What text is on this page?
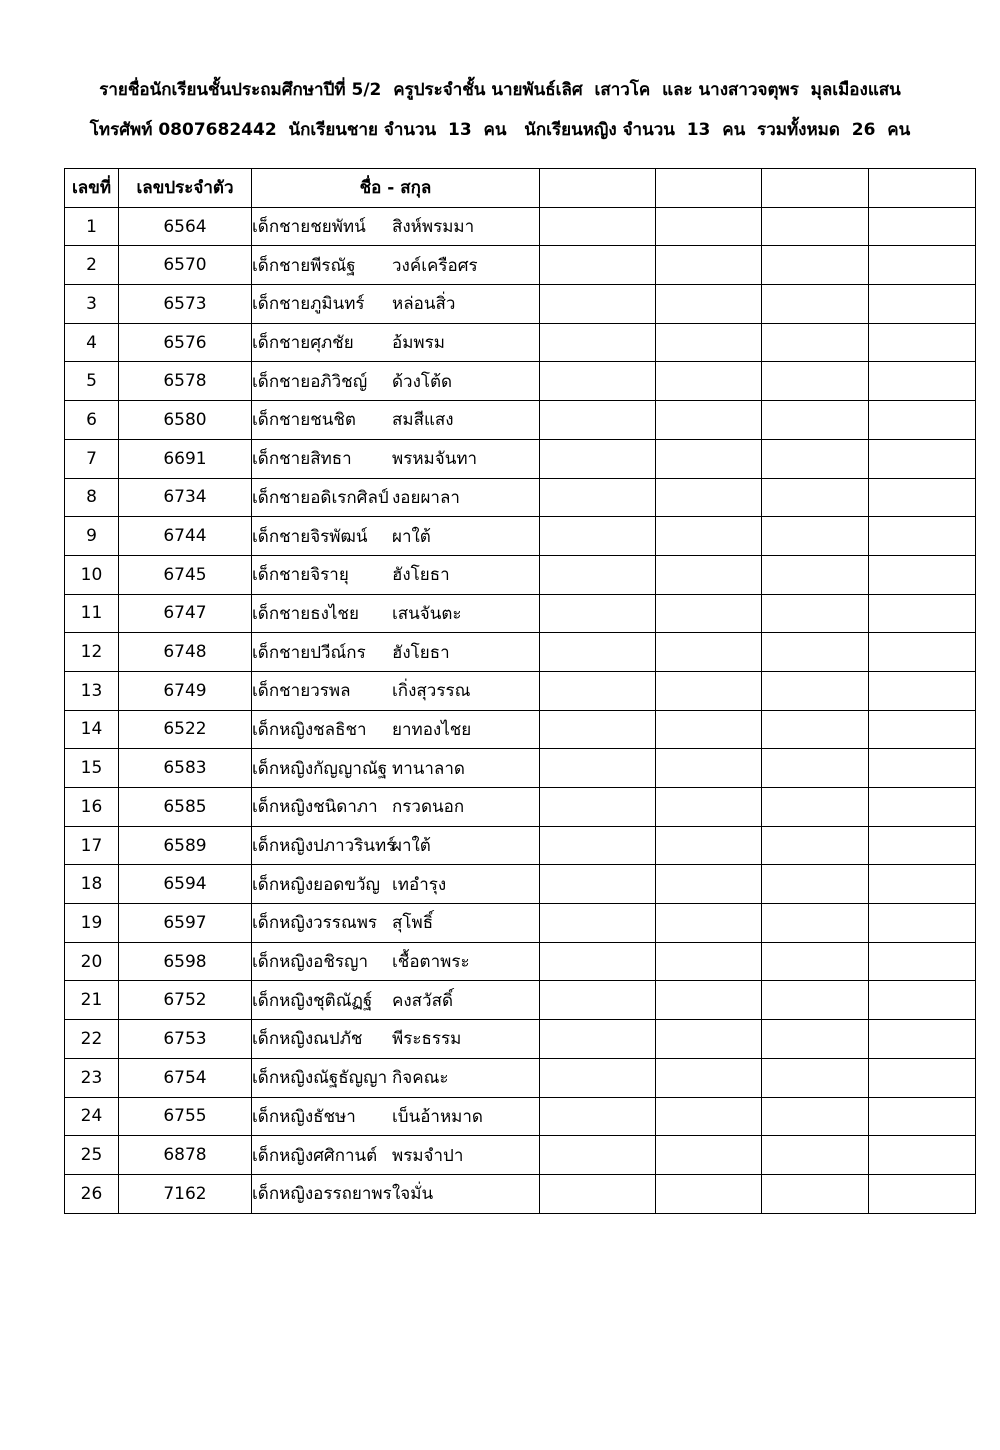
รายชื่อนักเรียนชั้นประถมศึกษาปีที่ 5/2  ครูประจำชั้น นายพันธ์เลิศ  เสาวโค  และ นางสาวจตุพร  มุลเมืองแสน
โทรศัพท์ 0807682442  นักเรียนชาย จำนวน  13  คน   นักเรียนหญิง จำนวน  13  คน  รวมทั้งหมด  26  คน
เลขที่	เลขประจำตัว	ชื่อ - สกุล				
1	6564	เด็กชายชยพัทน์ สิงห์พรมมา				
2	6570	เด็กชายพีรณัฐ วงค์เครือศร				
3	6573	เด็กชายภูมินทร์ หล่อนสิ่ว				
4	6576	เด็กชายศุภชัย อ้มพรม				
5	6578	เด็กชายอภิวิชญ์ ด้วงโต้ด				
6	6580	เด็กชายชนชิต สมสีแสง				
7	6691	เด็กชายสิทธา พรหมจันทา				
8	6734	เด็กชายอดิเรกศิลป์ งอยผาลา				
9	6744	เด็กชายจิรพัฒน์ ผาใต้				
10	6745	เด็กชายจิรายุ ฮังโยธา				
11	6747	เด็กชายธงไชย เสนจันตะ				
12	6748	เด็กชายปวีณ์กร ฮังโยธา				
13	6749	เด็กชายวรพล เกิ่งสุวรรณ				
14	6522	เด็กหญิงชลธิชา ยาทองไชย				
15	6583	เด็กหญิงกัญญาณัฐ ทานาลาด				
16	6585	เด็กหญิงชนิดาภา กรวดนอก				
17	6589	เด็กหญิงปภาวรินทร์ผาใต้				
18	6594	เด็กหญิงยอดขวัญ เทอำรุง				
19	6597	เด็กหญิงวรรณพร สุโพธิ์				
20	6598	เด็กหญิงอชิรญา เชื้อตาพระ				
21	6752	เด็กหญิงชุติณัฏฐ์ คงสวัสดิ์				
22	6753	เด็กหญิงณปภัช พีระธรรม				
23	6754	เด็กหญิงณัฐธัญญา กิจคณะ				
24	6755	เด็กหญิงธัชษา เบ็นอ้าหมาด				
25	6878	เด็กหญิงศศิกานต์ พรมจำปา				
26	7162	เด็กหญิงอรรถยาพรใจมั่น				
